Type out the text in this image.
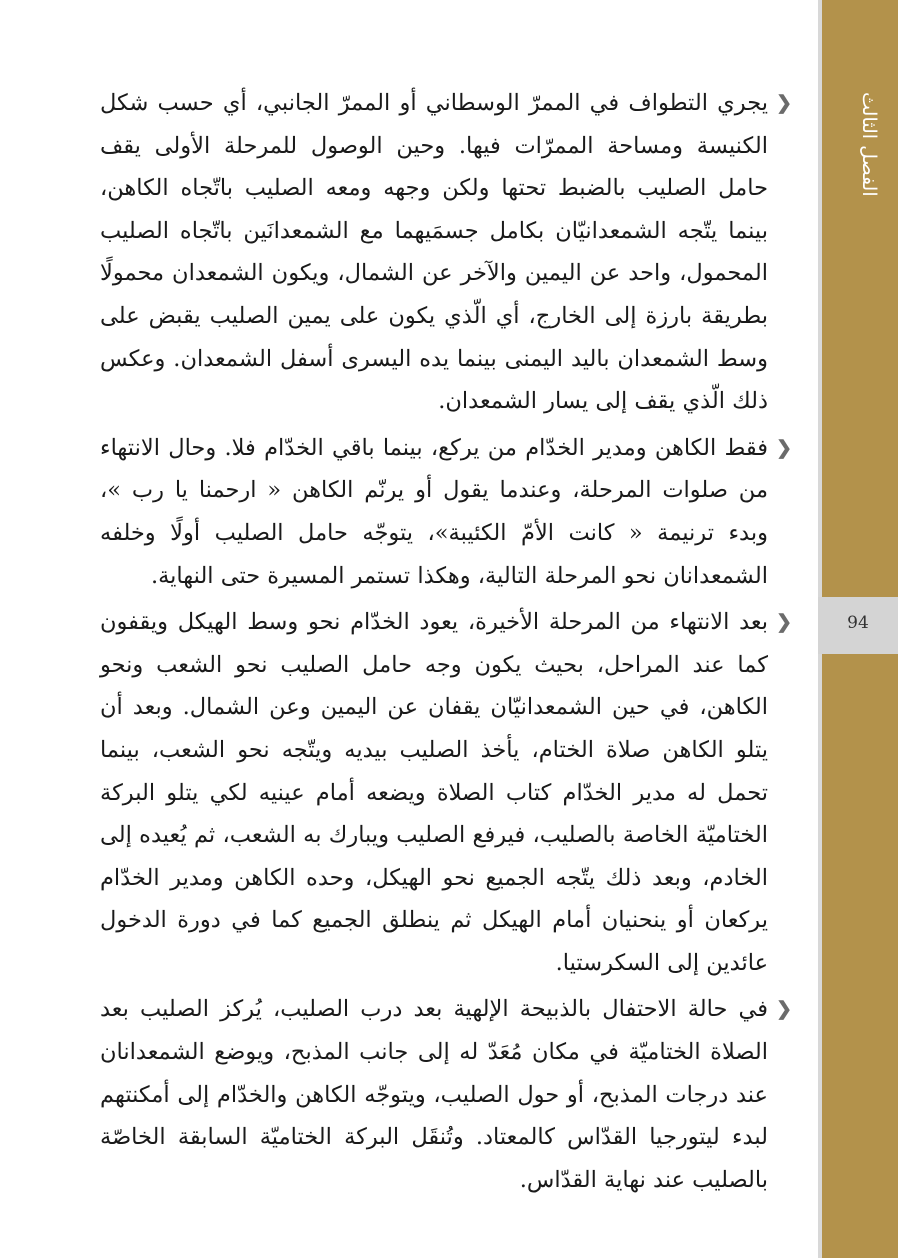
❮
يجري التطواف في الممرّ الوسطاني أو الممرّ الجانبي، أي حسب شكل الكنيسة ومساحة الممرّات فيها. وحين الوصول للمرحلة الأولى يقف حامل الصليب بالضبط تحتها ولكن وجهه ومعه الصليب باتّجاه الكاهن، بينما يتّجه الشمعدانيّان بكامل جسمَيهما مع الشمعدانَين باتّجاه الصليب المحمول، واحد عن اليمين والآخر عن الشمال، ويكون الشمعدان محمولًا بطريقة بارزة إلى الخارج، أي الّذي يكون على يمين الصليب يقبض على وسط الشمعدان باليد اليمنى بينما يده اليسرى أسفل الشمعدان. وعكس ذلك الّذي يقف إلى يسار الشمعدان.
❮
فقط الكاهن ومدير الخدّام من يركع، بينما باقي الخدّام فلا. وحال الانتهاء من صلوات المرحلة، وعندما يقول أو يرنّم الكاهن « ارحمنا يا رب »، وبدء ترنيمة « كانت الأمّ الكئيبة»، يتوجّه حامل الصليب أولًا وخلفه الشمعدانان نحو المرحلة التالية، وهكذا تستمر المسيرة حتى النهاية.
❮
بعد الانتهاء من المرحلة الأخيرة، يعود الخدّام نحو وسط الهيكل ويقفون كما عند المراحل، بحيث يكون وجه حامل الصليب نحو الشعب ونحو الكاهن، في حين الشمعدانيّان يقفان عن اليمين وعن الشمال. وبعد أن يتلو الكاهن صلاة الختام، يأخذ الصليب بيديه ويتّجه نحو الشعب، بينما تحمل له مدير الخدّام كتاب الصلاة ويضعه أمام عينيه لكي يتلو البركة الختاميّة الخاصة بالصليب، فيرفع الصليب ويبارك به الشعب، ثم يُعيده إلى الخادم، وبعد ذلك يتّجه الجميع نحو الهيكل، وحده الكاهن ومدير الخدّام يركعان أو ينحنيان أمام الهيكل ثم ينطلق الجميع كما في دورة الدخول عائدين إلى السكرستيا.
❮
في حالة الاحتفال بالذبيحة الإلهية بعد درب الصليب، يُركز الصليب بعد الصلاة الختاميّة في مكان مُعَدّ له إلى جانب المذبح، ويوضع الشمعدانان عند درجات المذبح، أو حول الصليب، ويتوجّه الكاهن والخدّام إلى أمكنتهم لبدء ليتورجيا القدّاس كالمعتاد. وتُنقَل البركة الختاميّة السابقة الخاصّة بالصليب عند نهاية القدّاس.
الفصل الثالث
94
